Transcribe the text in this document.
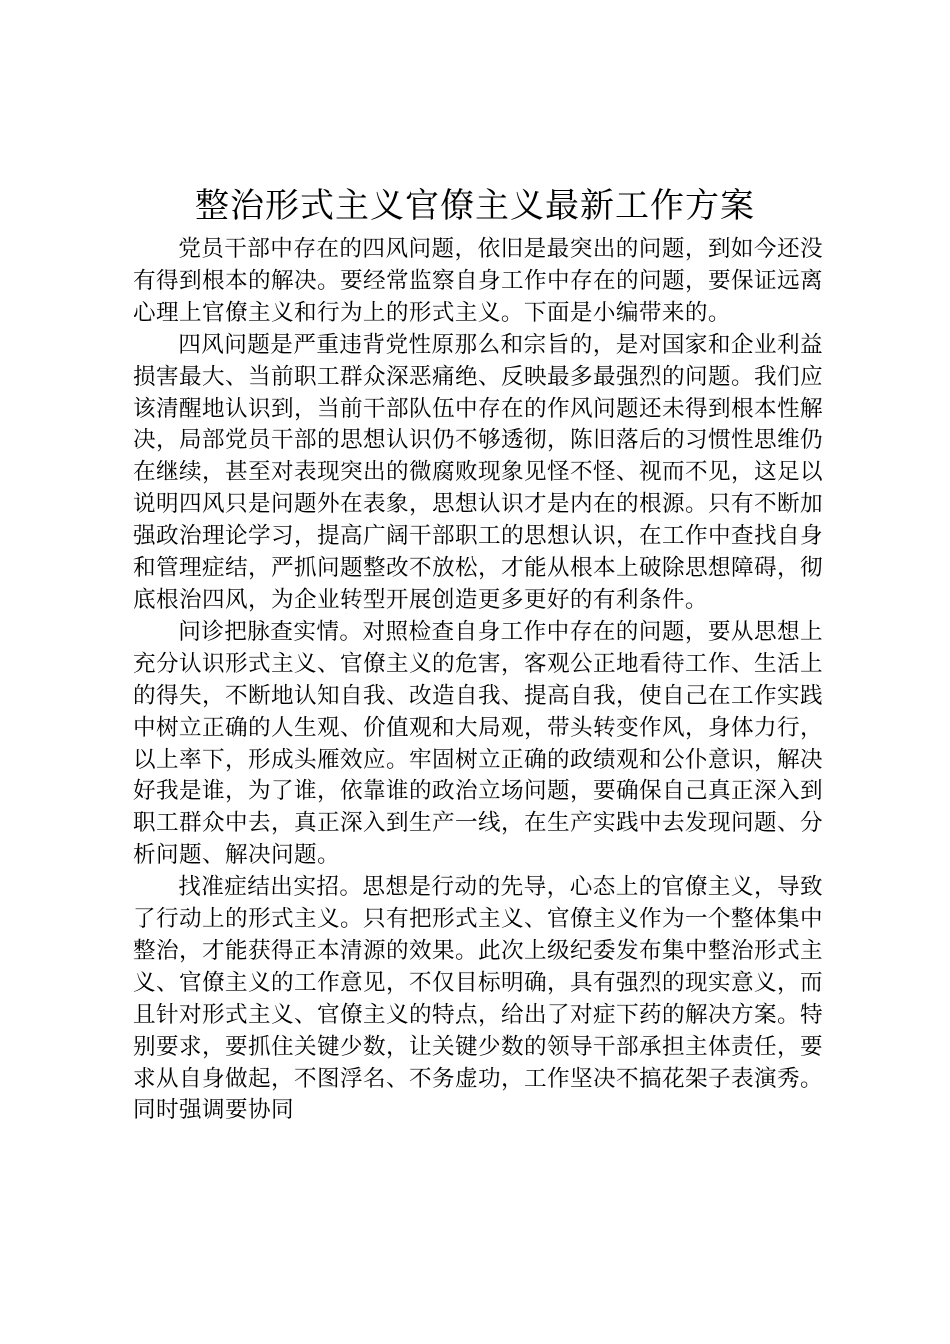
整治形式主义官僚主义最新工作方案

党员干部中存在的四风问题，依旧是最突出的问题，到如今还没有得到根本的解决。要经常监察自身工作中存在的问题，要保证远离心理上官僚主义和行为上的形式主义。下面是小编带来的。

四风问题是严重违背党性原那么和宗旨的，是对国家和企业利益损害最大、当前职工群众深恶痛绝、反映最多最强烈的问题。我们应该清醒地认识到，当前干部队伍中存在的作风问题还未得到根本性解决，局部党员干部的思想认识仍不够透彻，陈旧落后的习惯性思维仍在继续，甚至对表现突出的微腐败现象见怪不怪、视而不见，这足以说明四风只是问题外在表象，思想认识才是内在的根源。只有不断加强政治理论学习，提高广阔干部职工的思想认识，在工作中查找自身和管理症结，严抓问题整改不放松，才能从根本上破除思想障碍，彻底根治四风，为企业转型开展创造更多更好的有利条件。

问诊把脉查实情。对照检查自身工作中存在的问题，要从思想上充分认识形式主义、官僚主义的危害，客观公正地看待工作、生活上的得失，不断地认知自我、改造自我、提高自我，使自己在工作实践中树立正确的人生观、价值观和大局观，带头转变作风，身体力行，以上率下，形成头雁效应。牢固树立正确的政绩观和公仆意识，解决好我是谁，为了谁，依靠谁的政治立场问题，要确保自己真正深入到职工群众中去，真正深入到生产一线，在生产实践中去发现问题、分析问题、解决问题。

找准症结出实招。思想是行动的先导，心态上的官僚主义，导致了行动上的形式主义。只有把形式主义、官僚主义作为一个整体集中整治，才能获得正本清源的效果。此次上级纪委发布集中整治形式主义、官僚主义的工作意见，不仅目标明确，具有强烈的现实意义，而且针对形式主义、官僚主义的特点，给出了对症下药的解决方案。特别要求，要抓住关键少数，让关键少数的领导干部承担主体责任，要求从自身做起，不图浮名、不务虚功，工作坚决不搞花架子表演秀。同时强调要协同
